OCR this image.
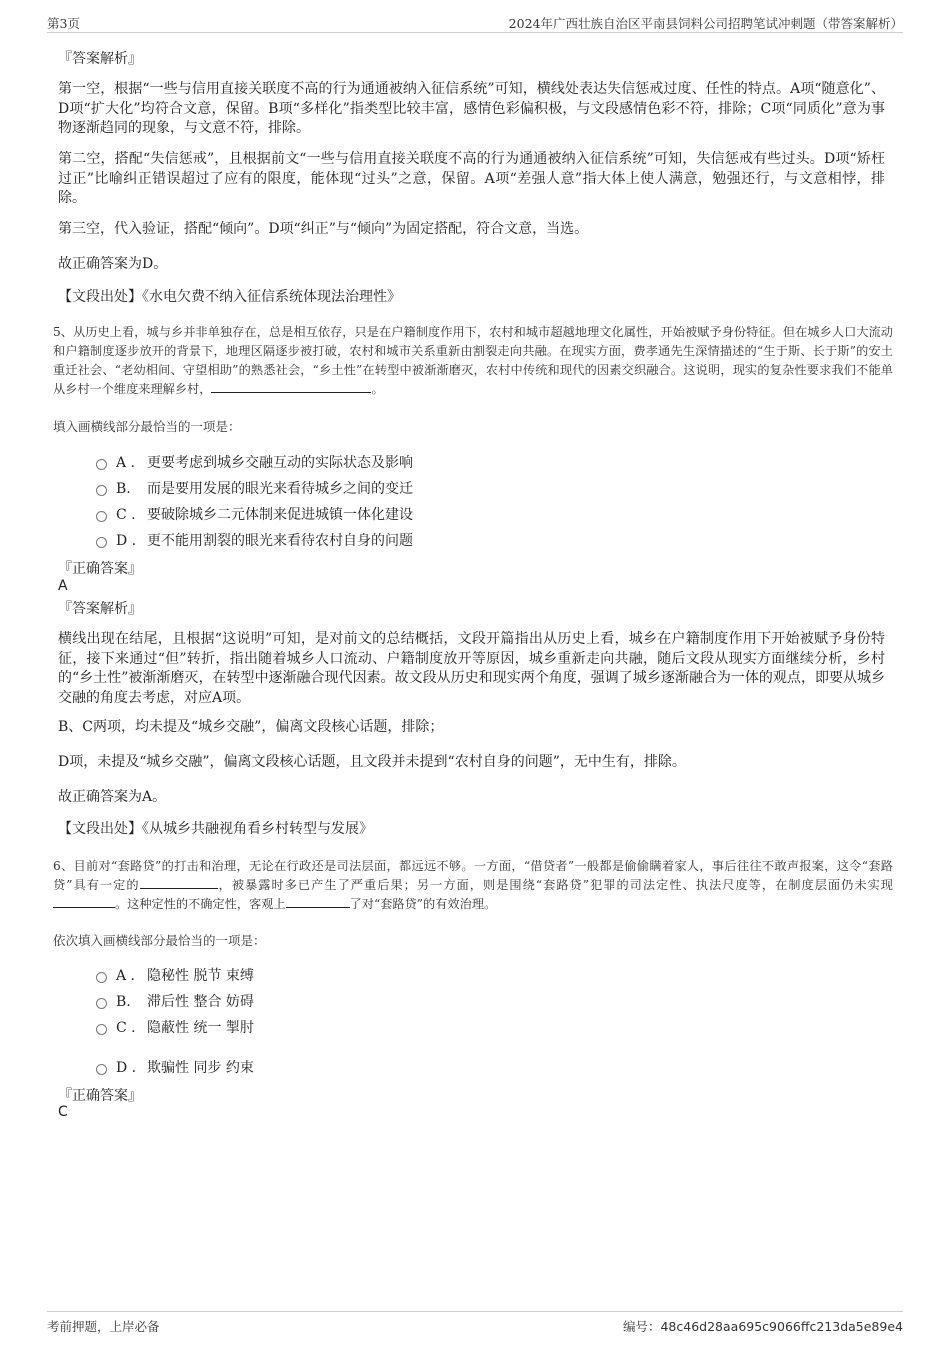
第3页	2024年广西壮族自治区平南县饲料公司招聘笔试冲刺题（带答案解析）
『答案解析』
第一空，根据“一些与信用直接关联度不高的行为通通被纳入征信系统”可知，横线处表达失信惩戒过度、任性的特点。A项“随意化”、D项“扩大化”均符合文意，保留。B项“多样化”指类型比较丰富，感情色彩偏积极，与文段感情色彩不符，排除；C项“同质化”意为事物逐渐趋同的现象，与文意不符，排除。
第二空，搭配“失信惩戒”，且根据前文“一些与信用直接关联度不高的行为通通被纳入征信系统”可知，失信惩戒有些过头。D项“矫枉过正”比喻纠正错误超过了应有的限度，能体现“过头”之意，保留。A项“差强人意”指大体上使人满意，勉强还行，与文意相悖，排除。
第三空，代入验证，搭配“倾向”。D项“纠正”与“倾向”为固定搭配，符合文意，当选。
故正确答案为D。
【文段出处】《水电欠费不纳入征信系统体现法治理性》
5、从历史上看，城与乡并非单独存在，总是相互依存，只是在户籍制度作用下，农村和城市超越地理文化属性，开始被赋予身份特征。但在城乡人口大流动和户籍制度逐步放开的背景下，地理区隔逐步被打破，农村和城市关系重新由割裂走向共融。在现实方面，费孝通先生深情描述的“生于斯、长于斯”的安土重迁社会、“老幼相间、守望相助”的熟悉社会，“乡土性”在转型中被渐渐磨灭，农村中传统和现代的因素交织融合。这说明，现实的复杂性要求我们不能单从乡村一个维度来理解乡村，	。
填入画横线部分最恰当的一项是：
A . 更要考虑到城乡交融互动的实际状态及影响
B. 而是要用发展的眼光来看待城乡之间的变迁
C . 要破除城乡二元体制来促进城镇一体化建设
D . 更不能用割裂的眼光来看待农村自身的问题
『正确答案』
A
『答案解析』
横线出现在结尾，且根据“这说明”可知，是对前文的总结概括，文段开篇指出从历史上看，城乡在户籍制度作用下开始被赋予身份特征，接下来通过“但”转折，指出随着城乡人口流动、户籍制度放开等原因，城乡重新走向共融，随后文段从现实方面继续分析，乡村的“乡土性”被渐渐磨灭，在转型中逐渐融合现代因素。故文段从历史和现实两个角度，强调了城乡逐渐融合为一体的观点，即要从城乡交融的角度去考虑，对应A项。
B、C两项，均未提及“城乡交融”，偏离文段核心话题，排除；
D项，未提及“城乡交融”，偏离文段核心话题，且文段并未提到“农村自身的问题”，无中生有，排除。
故正确答案为A。
【文段出处】《从城乡共融视角看乡村转型与发展》
6、目前对“套路贷”的打击和治理，无论在行政还是司法层面，都远远不够。一方面，“借贷者”一般都是偷偷瞒着家人，事后往往不敢声报案，这令“套路贷”具有一定的	，被暴露时多已产生了严重后果；另一方面，则是围绕“套路贷”犯罪的司法定性、执法尺度等，在制度层面仍未实现。这种定性的不确定性，客观上	了对“套路贷”的有效治理。
依次填入画横线部分最恰当的一项是：
A . 隐秘性 脱节 束缚
B. 滞后性 整合 妨碍
C . 隐蔽性 统一 掣肘
D . 欺骗性 同步 约束
『正确答案』
C
考前押题，上岸必备	编号：48c46d28aa695c9066ffc213da5e89e4
